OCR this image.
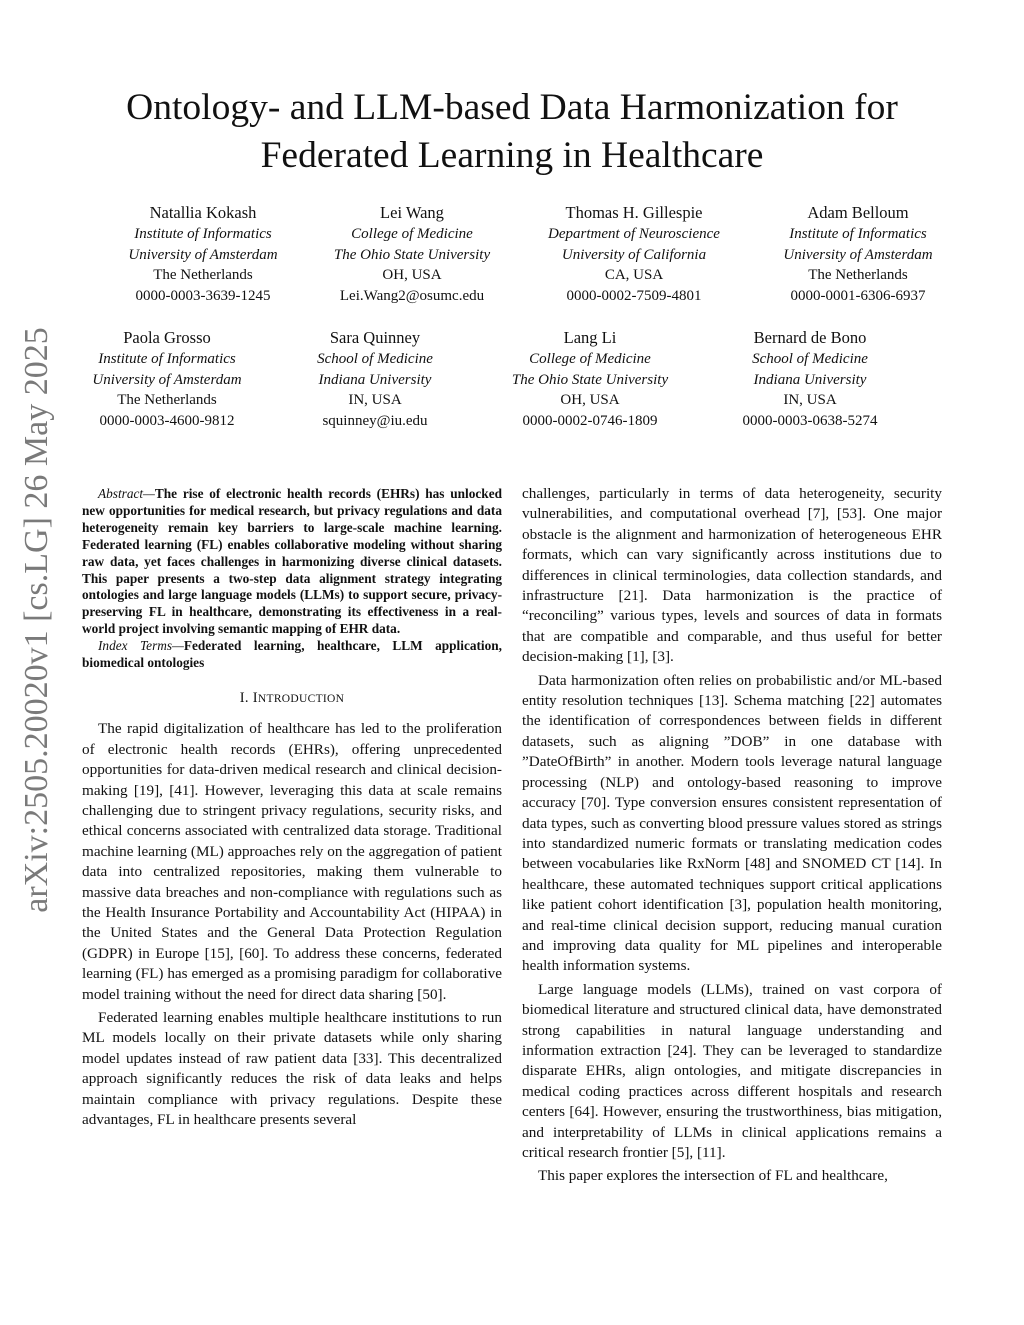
arXiv:2505.20020v1 [cs.LG] 26 May 2025
Ontology- and LLM-based Data Harmonization for
Federated Learning in Healthcare
Natallia Kokash
Institute of Informatics
University of Amsterdam
The Netherlands
0000-0003-3639-1245
Lei Wang
College of Medicine
The Ohio State University
OH, USA
Lei.Wang2@osumc.edu
Thomas H. Gillespie
Department of Neuroscience
University of California
CA, USA
0000-0002-7509-4801
Adam Belloum
Institute of Informatics
University of Amsterdam
The Netherlands
0000-0001-6306-6937
Paola Grosso
Institute of Informatics
University of Amsterdam
The Netherlands
0000-0003-4600-9812
Sara Quinney
School of Medicine
Indiana University
IN, USA
squinney@iu.edu
Lang Li
College of Medicine
The Ohio State University
OH, USA
0000-0002-0746-1809
Bernard de Bono
School of Medicine
Indiana University
IN, USA
0000-0003-0638-5274

Abstract—The rise of electronic health records (EHRs) has unlocked new opportunities for medical research, but privacy regulations and data heterogeneity remain key barriers to large-scale machine learning. Federated learning (FL) enables collaborative modeling without sharing raw data, yet faces challenges in harmonizing diverse clinical datasets. This paper presents a two-step data alignment strategy integrating ontologies and large language models (LLMs) to support secure, privacy-preserving FL in healthcare, demonstrating its effectiveness in a real-world project involving semantic mapping of EHR data.

Index Terms—Federated learning, healthcare, LLM application, biomedical ontologies

I. INTRODUCTION

The rapid digitalization of healthcare has led to the proliferation of electronic health records (EHRs), offering unprecedented opportunities for data-driven medical research and clinical decision-making [19], [41]. However, leveraging this data at scale remains challenging due to stringent privacy regulations, security risks, and ethical concerns associated with centralized data storage. Traditional machine learning (ML) approaches rely on the aggregation of patient data into centralized repositories, making them vulnerable to massive data breaches and non-compliance with regulations such as the Health Insurance Portability and Accountability Act (HIPAA) in the United States and the General Data Protection Regulation (GDPR) in Europe [15], [60]. To address these concerns, federated learning (FL) has emerged as a promising paradigm for collaborative model training without the need for direct data sharing [50].

Federated learning enables multiple healthcare institutions to run ML models locally on their private datasets while only sharing model updates instead of raw patient data [33]. This decentralized approach significantly reduces the risk of data leaks and helps maintain compliance with privacy regulations. Despite these advantages, FL in healthcare presents several

challenges, particularly in terms of data heterogeneity, security vulnerabilities, and computational overhead [7], [53]. One major obstacle is the alignment and harmonization of heterogeneous EHR formats, which can vary significantly across institutions due to differences in clinical terminologies, data collection standards, and infrastructure [21]. Data harmonization is the practice of “reconciling” various types, levels and sources of data in formats that are compatible and comparable, and thus useful for better decision-making [1], [3].

Data harmonization often relies on probabilistic and/or ML-based entity resolution techniques [13]. Schema matching [22] automates the identification of correspondences between fields in different datasets, such as aligning ”DOB” in one database with ”DateOfBirth” in another. Modern tools leverage natural language processing (NLP) and ontology-based reasoning to improve accuracy [70]. Type conversion ensures consistent representation of data types, such as converting blood pressure values stored as strings into standardized numeric formats or translating medication codes between vocabularies like RxNorm [48] and SNOMED CT [14]. In healthcare, these automated techniques support critical applications like patient cohort identification [3], population health monitoring, and real-time clinical decision support, reducing manual curation and improving data quality for ML pipelines and interoperable health information systems.

Large language models (LLMs), trained on vast corpora of biomedical literature and structured clinical data, have demonstrated strong capabilities in natural language understanding and information extraction [24]. They can be leveraged to standardize disparate EHRs, align ontologies, and mitigate discrepancies in medical coding practices across different hospitals and research centers [64]. However, ensuring the trustworthiness, bias mitigation, and interpretability of LLMs in clinical applications remains a critical research frontier [5], [11].

This paper explores the intersection of FL and healthcare,
